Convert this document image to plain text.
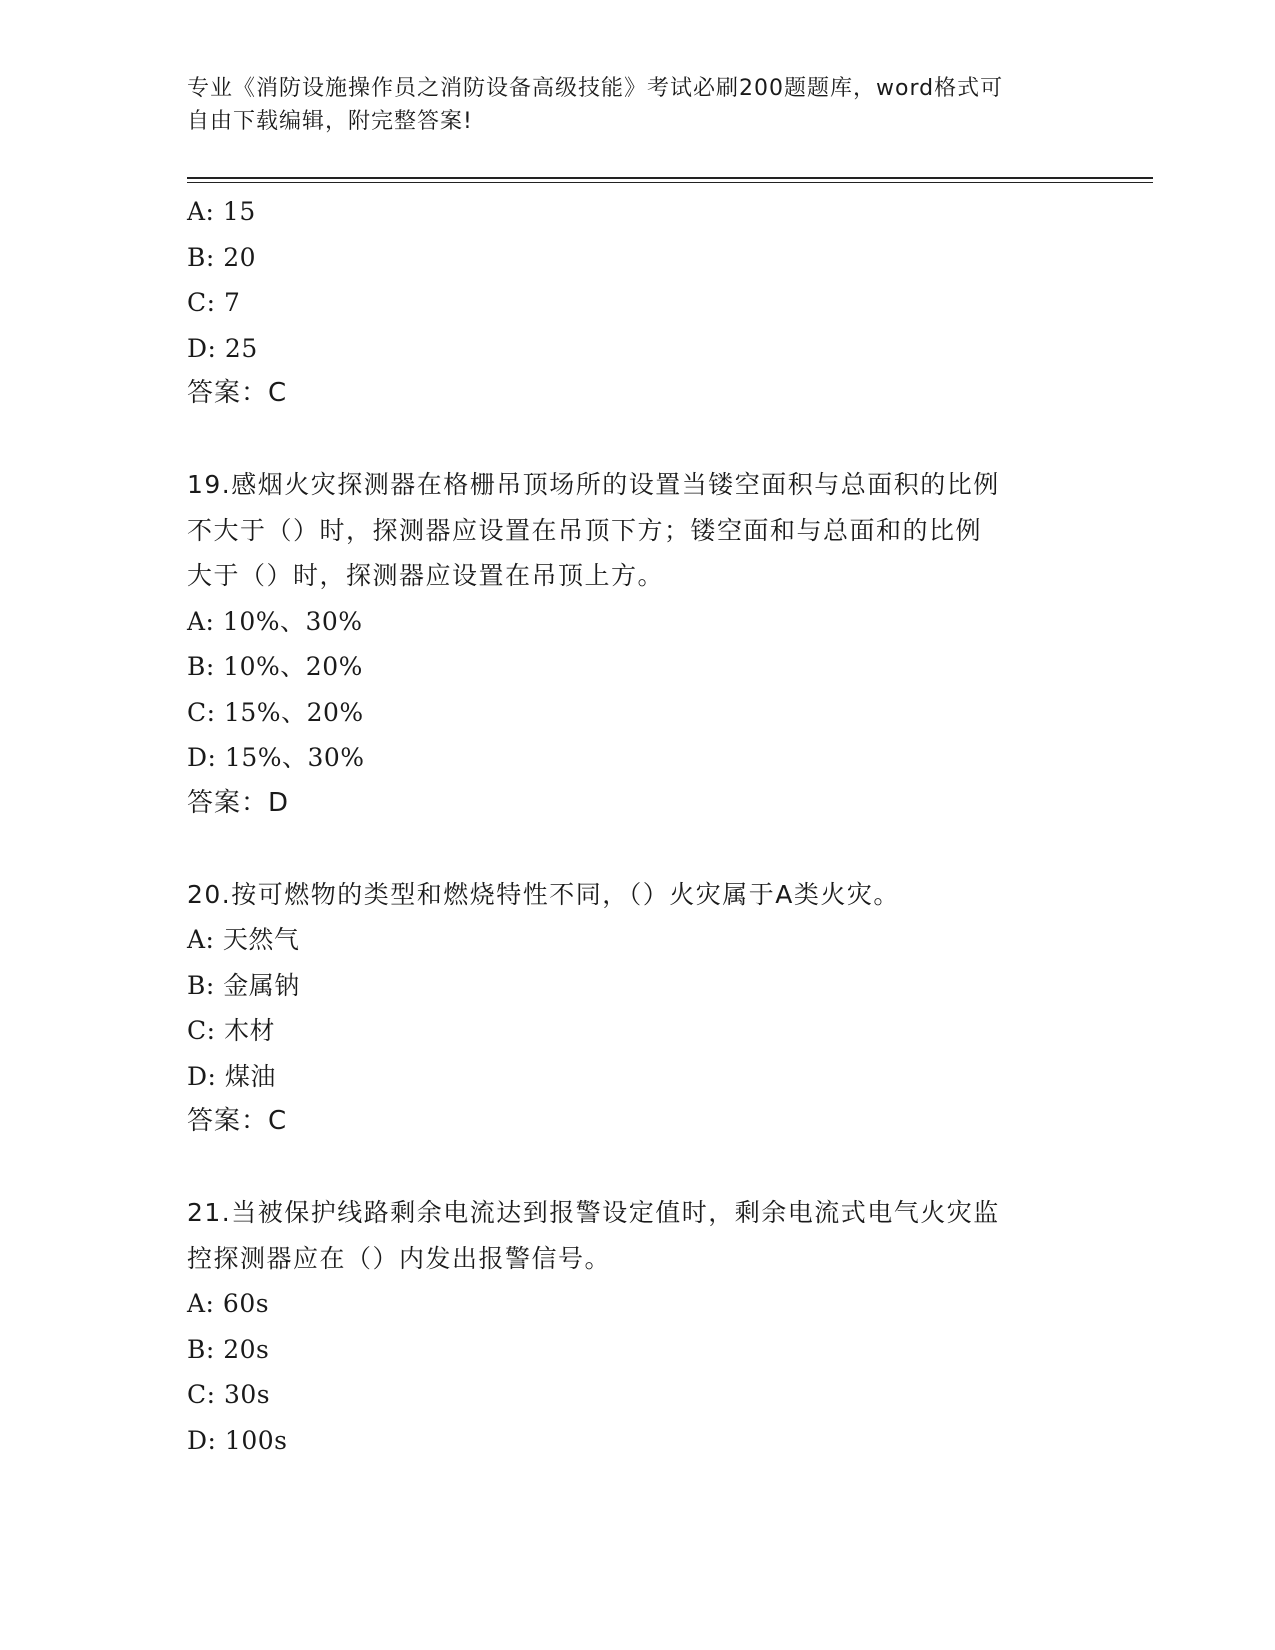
专业《消防设施操作员之消防设备高级技能》考试必刷200题题库，word格式可
自由下载编辑，附完整答案!
A: 15
B: 20
C: 7
D: 25
答案：C
19.感烟火灾探测器在格栅吊顶场所的设置当镂空面积与总面积的比例
不大于（）时，探测器应设置在吊顶下方；镂空面和与总面和的比例
大于（）时，探测器应设置在吊顶上方。
A: 10%、30%
B: 10%、20%
C: 15%、20%
D: 15%、30%
答案：D
20.按可燃物的类型和燃烧特性不同，（）火灾属于A类火灾。
A: 天然气
B: 金属钠
C: 木材
D: 煤油
答案：C
21.当被保护线路剩余电流达到报警设定值时，剩余电流式电气火灾监
控探测器应在（）内发出报警信号。
A: 60s
B: 20s
C: 30s
D: 100s
